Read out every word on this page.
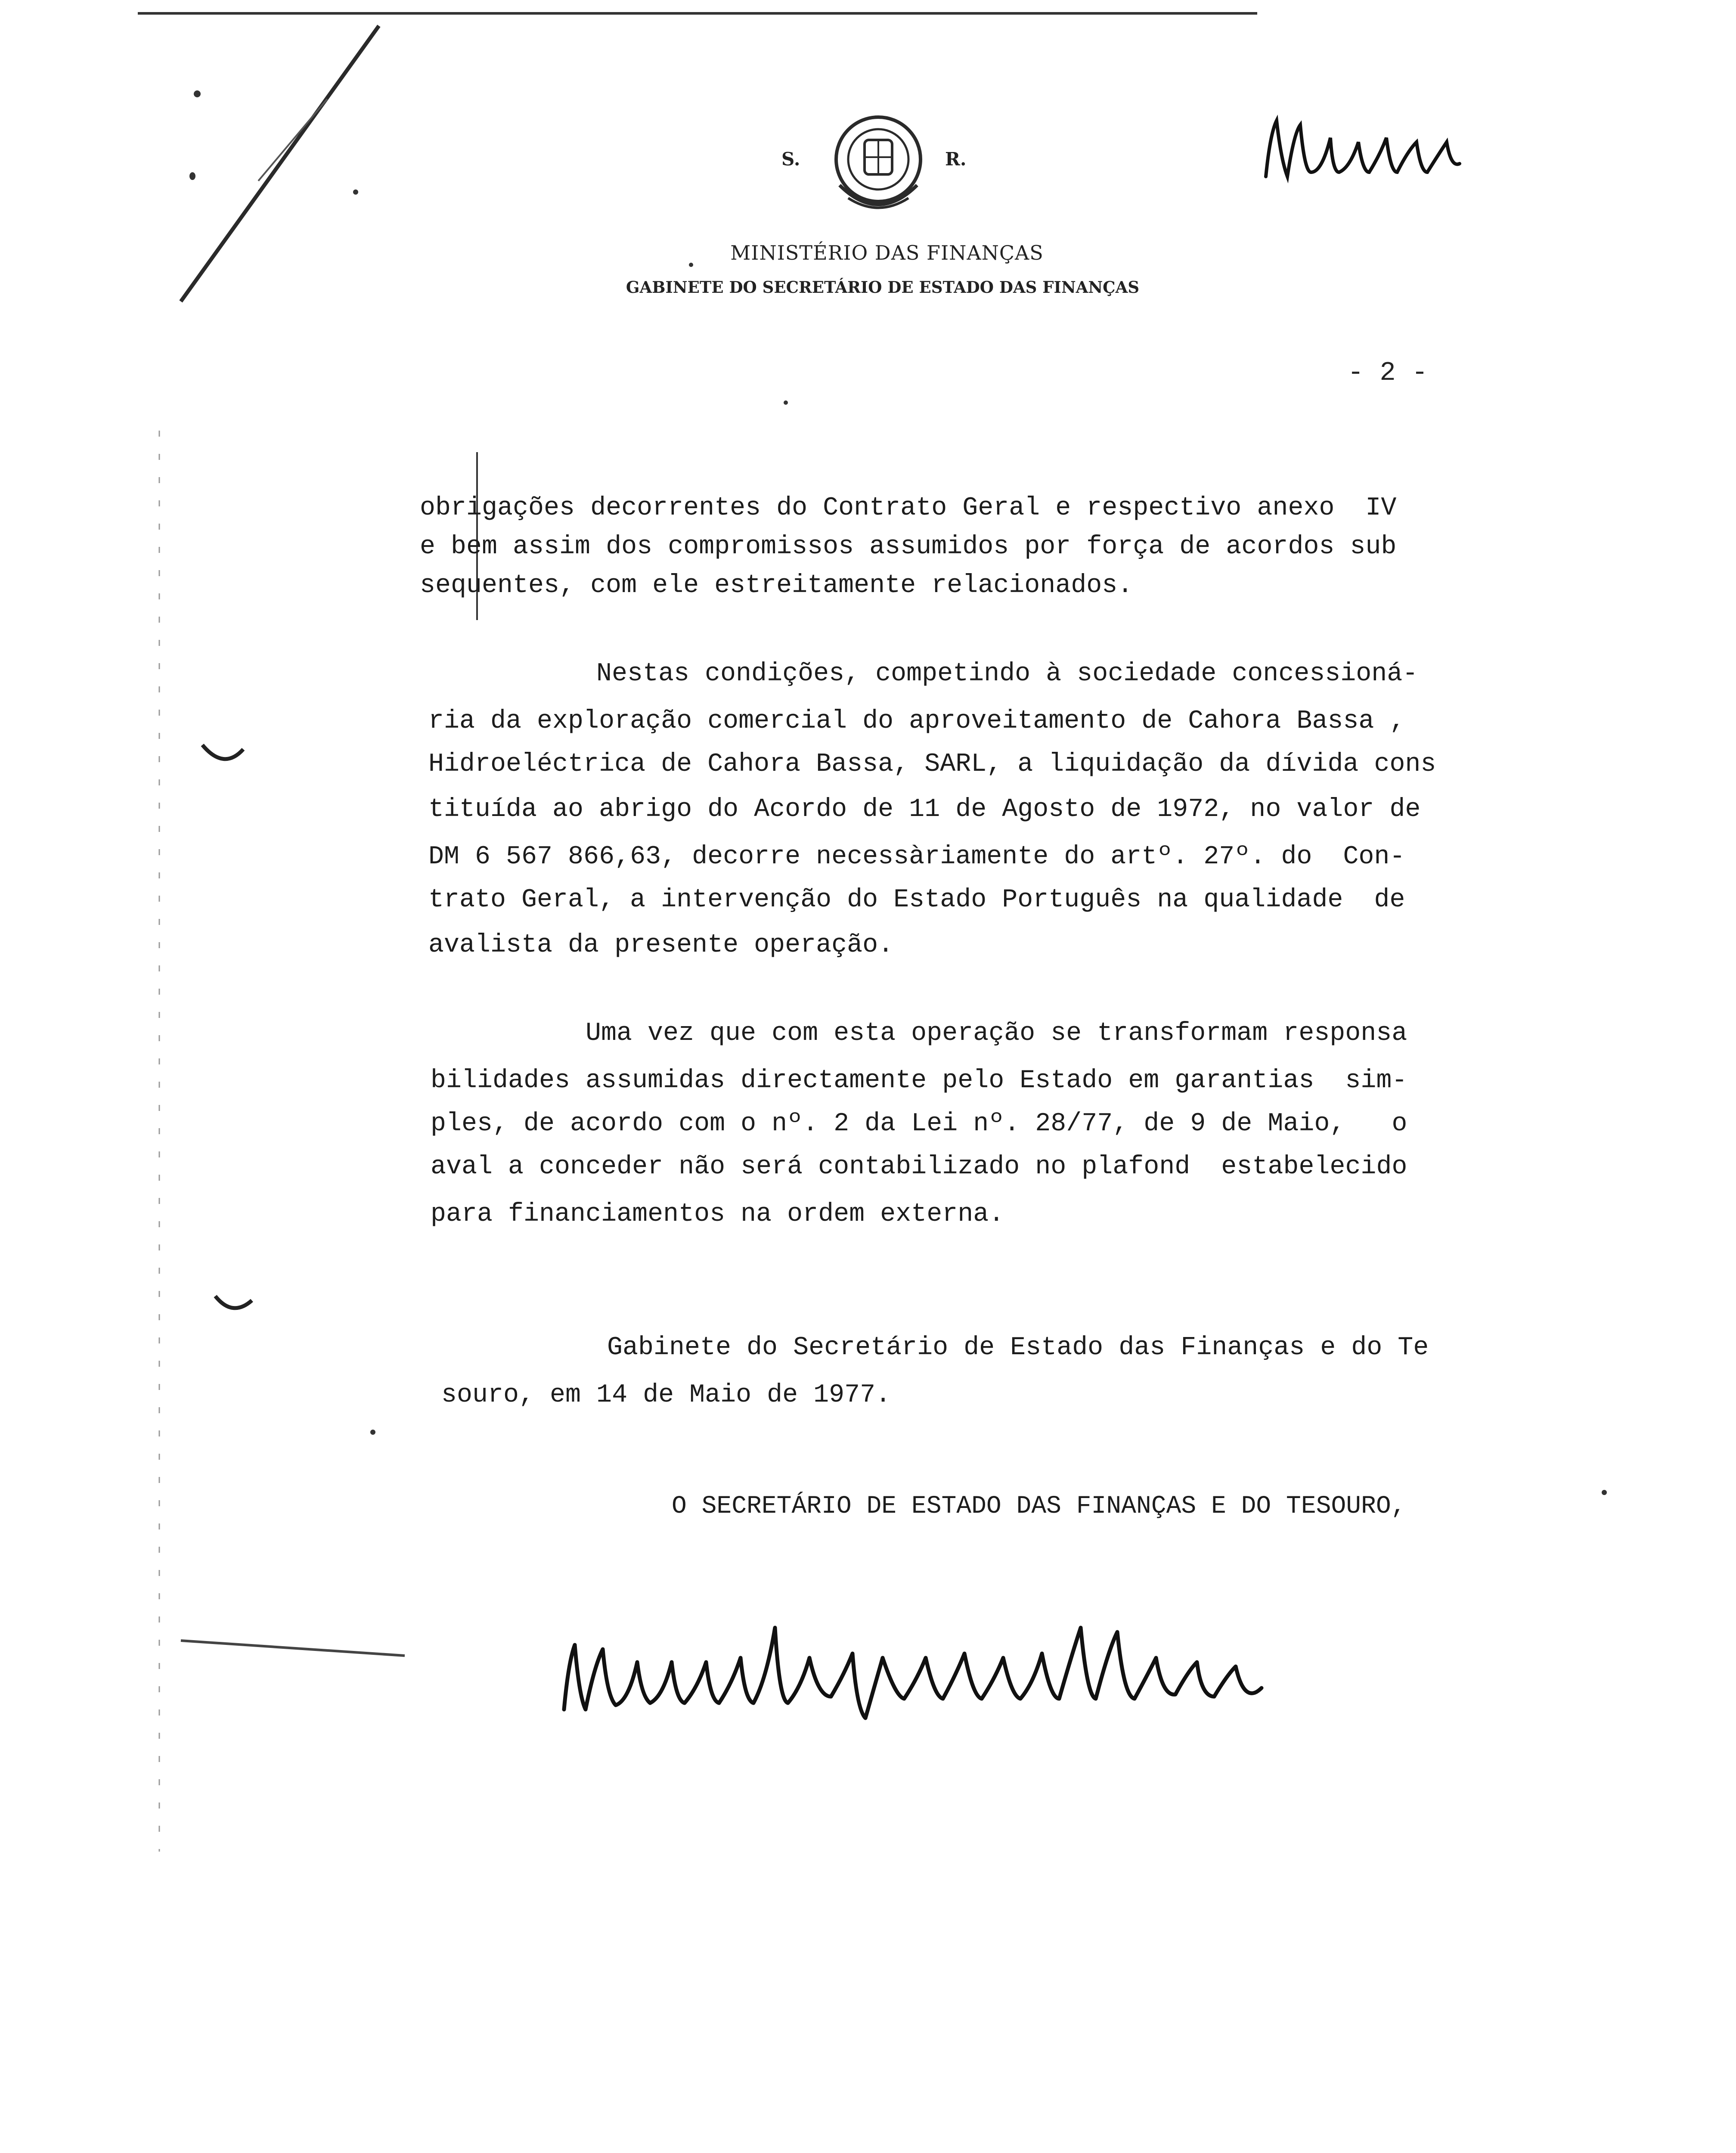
S.	R.
MINISTÉRIO DAS FINANÇAS
GABINETE DO SECRETÁRIO DE ESTADO DAS FINANÇAS
- 2 -
obrigações decorrentes do Contrato Geral e respectivo anexo  IV
e bem assim dos compromissos assumidos por força de acordos sub
sequentes, com ele estreitamente relacionados.
Nestas condições, competindo à sociedade concessioná-
ria da exploração comercial do aproveitamento de Cahora Bassa ,
Hidroeléctrica de Cahora Bassa, SARL, a liquidação da dívida cons
tituída ao abrigo do Acordo de 11 de Agosto de 1972, no valor de
DM 6 567 866,63, decorre necessàriamente do artº. 27º. do  Con-
trato Geral, a intervenção do Estado Português na qualidade  de
avalista da presente operação.
Uma vez que com esta operação se transformam responsa
bilidades assumidas directamente pelo Estado em garantias  sim-
ples, de acordo com o nº. 2 da Lei nº. 28/77, de 9 de Maio,   o
aval a conceder não será contabilizado no plafond  estabelecido
para financiamentos na ordem externa.
Gabinete do Secretário de Estado das Finanças e do Te
souro, em 14 de Maio de 1977.
O SECRETÁRIO DE ESTADO DAS FINANÇAS E DO TESOURO,
